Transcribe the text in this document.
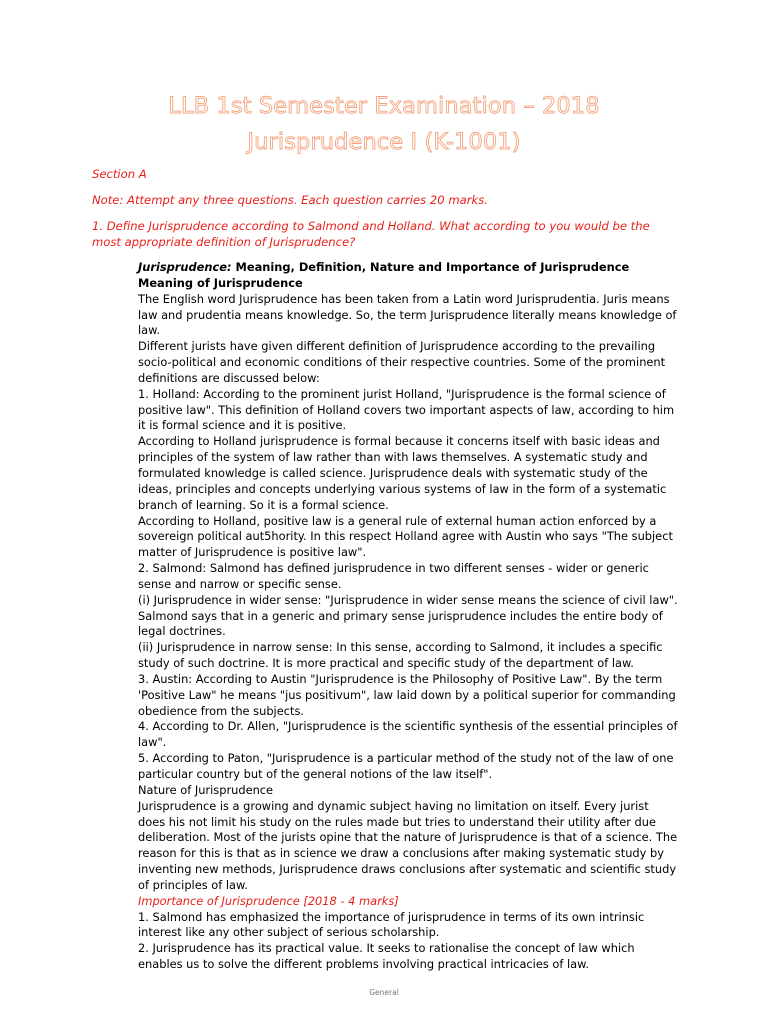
LLB 1st Semester Examination – 2018
Jurisprudence I (K-1001)
Section A
Note: Attempt any three questions. Each question carries 20 marks.
1. Define Jurisprudence according to Salmond and Holland. What according to you would be the most appropriate definition of Jurisprudence?

Jurisprudence: Meaning, Definition, Nature and Importance of Jurisprudence Meaning of Jurisprudence

The English word Jurisprudence has been taken from a Latin word Jurisprudentia. Juris means law and prudentia means knowledge. So, the term Jurisprudence literally means knowledge of law.

Different jurists have given different definition of Jurisprudence according to the prevailing socio-political and economic conditions of their respective countries. Some of the prominent definitions are discussed below:

1. Holland: According to the prominent jurist Holland, "Jurisprudence is the formal science of positive law". This definition of Holland covers two important aspects of law, according to him it is formal science and it is positive.

According to Holland jurisprudence is formal because it concerns itself with basic ideas and principles of the system of law rather than with laws themselves. A systematic study and formulated knowledge is called science. Jurisprudence deals with systematic study of the ideas, principles and concepts underlying various systems of law in the form of a systematic branch of learning. So it is a formal science.

According to Holland, positive law is a general rule of external human action enforced by a sovereign political aut5hority. In this respect Holland agree with Austin who says "The subject matter of Jurisprudence is positive law".

2. Salmond: Salmond has defined jurisprudence in two different senses - wider or generic sense and narrow or specific sense.

(i) Jurisprudence in wider sense: "Jurisprudence in wider sense means the science of civil law". Salmond says that in a generic and primary sense jurisprudence includes the entire body of legal doctrines.

(ii) Jurisprudence in narrow sense: In this sense, according to Salmond, it includes a specific study of such doctrine. It is more practical and specific study of the department of law.

3. Austin: According to Austin "Jurisprudence is the Philosophy of Positive Law". By the term 'Positive Law" he means "jus positivum", law laid down by a political superior for commanding obedience from the subjects.

4. According to Dr. Allen, "Jurisprudence is the scientific synthesis of the essential principles of law".

5. According to Paton, "Jurisprudence is a particular method of the study not of the law of one particular country but of the general notions of the law itself".

Nature of Jurisprudence

Jurisprudence is a growing and dynamic subject having no limitation on itself. Every jurist does his not limit his study on the rules made but tries to understand their utility after due deliberation. Most of the jurists opine that the nature of Jurisprudence is that of a science. The reason for this is that as in science we draw a conclusions after making systematic study by inventing new methods, Jurisprudence draws conclusions after systematic and scientific study of principles of law.

Importance of Jurisprudence [2018 - 4 marks]

1. Salmond has emphasized the importance of jurisprudence in terms of its own intrinsic interest like any other subject of serious scholarship.

2. Jurisprudence has its practical value. It seeks to rationalise the concept of law which enables us to solve the different problems involving practical intricacies of law.

General
